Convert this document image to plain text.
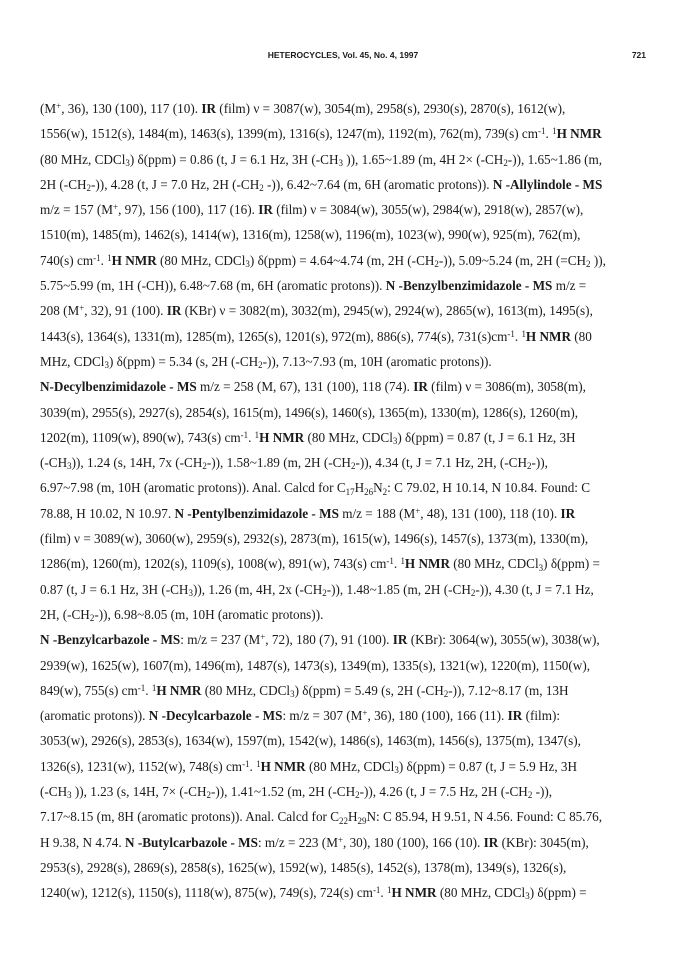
HETEROCYCLES, Vol. 45, No. 4, 1997	721
(M+, 36), 130 (100), 117 (10). IR (film) ν = 3087(w), 3054(m), 2958(s), 2930(s), 2870(s), 1612(w),
1556(w), 1512(s), 1484(m), 1463(s), 1399(m), 1316(s), 1247(m), 1192(m), 762(m), 739(s) $cm^{-1}$. $^1$H NMR
(80 MHz, CDCl$_3$) δ(ppm) = 0.86 (t, J = 6.1 Hz, 3H ($-CH_3$ )), 1.65~1.89 (m, 4H $2\times (-CH_2-)$), 1.65~1.86 (m,
2H $(-CH_2-)$), 4.28 (t, J = 7.0 Hz, 2H ($-CH_2$ -)), 6.42~7.64 (m, 6H (aromatic protons)). N -Allylindole - MS
m/z = 157 (M+, 97), 156 (100), 117 (16). IR (film) ν = 3084(w), 3055(w), 2984(w), 2918(w), 2857(w),
1510(m), 1485(m), 1462(s), 1414(w), 1316(m), 1258(w), 1196(m), 1023(w), 990(w), 925(m), 762(m),
740(s) $cm^{-1}$. $^1$H NMR (80 MHz, CDCl$_3$) δ(ppm) = 4.64~4.74 (m, 2H $(-CH_2-)$), 5.09~5.24 (m, 2H ($=CH_2$ )),
5.75~5.99 (m, 1H (-CH)), 6.48~7.68 (m, 6H (aromatic protons)). N -Benzylbenzimidazole - MS m/z =
208 (M+, 32), 91 (100). IR (KBr) ν = 3082(m), 3032(m), 2945(w), 2924(w), 2865(w), 1613(m), 1495(s),
1443(s), 1364(s), 1331(m), 1285(m), 1265(s), 1201(s), 972(m), 886(s), 774(s), $731(s)cm^{-1}$. $^1$H NMR (80
MHz, CDCl$_3$) δ(ppm) = 5.34 (s, 2H $(-CH_2-)$), 7.13~7.93 (m, 10H (aromatic protons)).
N-Decylbenzimidazole - MS m/z = 258 (M, 67), 131 (100), 118 (74). IR (film) ν = 3086(m), 3058(m),
3039(m), 2955(s), 2927(s), 2854(s), 1615(m), 1496(s), 1460(s), 1365(m), 1330(m), 1286(s), 1260(m),
1202(m), 1109(w), 890(w), 743(s) $cm^{-1}$. $^1$H NMR (80 MHz, CDCl$_3$) δ(ppm) = 0.87 (t, J = 6.1 Hz, 3H
$(-CH_3)$), 1.24 (s, 14H, 7x $(-CH_2-)$), 1.58~1.89 (m, 2H $(-CH_2-)$), 4.34 (t, J = 7.1 Hz, 2H, $(-CH_2-)$),
6.97~7.98 (m, 10H (aromatic protons)). Anal. Calcd for $C_{17}H_{26}N_2$: C 79.02, H 10.14, N 10.84. Found: C
78.88, H 10.02, N 10.97. N -Pentylbenzimidazole - MS m/z = 188 (M+, 48), 131 (100), 118 (10). IR
(film) ν = 3089(w), 3060(w), 2959(s), 2932(s), 2873(m), 1615(w), 1496(s), 1457(s), 1373(m), 1330(m),
1286(m), 1260(m), 1202(s), 1109(s), 1008(w), 891(w), 743(s) $cm^{-1}$. $^1$H NMR (80 MHz, CDCl$_3$) δ(ppm) =
0.87 (t, J = 6.1 Hz, 3H $(-CH_3)$), 1.26 (m, 4H, 2x $(-CH_2-)$), 1.48~1.85 (m, 2H $(-CH_2-)$), 4.30 (t, J = 7.1 Hz,
2H, $(-CH_2-)$), 6.98~8.05 (m, 10H (aromatic protons)).
N -Benzylcarbazole - MS: m/z = 237 (M+, 72), 180 (7), 91 (100). IR (KBr): 3064(w), 3055(w), 3038(w),
2939(w), 1625(w), 1607(m), 1496(m), 1487(s), 1473(s), 1349(m), 1335(s), 1321(w), 1220(m), 1150(w),
849(w), 755(s) $cm^{-1}$. $^1$H NMR (80 MHz, CDCl$_3$) δ(ppm) = 5.49 (s, 2H $(-CH_2-)$), 7.12~8.17 (m, 13H
(aromatic protons)). N -Decylcarbazole - MS: m/z = 307 (M+, 36), 180 (100), 166 (11). IR (film):
3053(w), 2926(s), 2853(s), 1634(w), 1597(m), 1542(w), 1486(s), 1463(m), 1456(s), 1375(m), 1347(s),
1326(s), 1231(w), 1152(w), 748(s) $cm^{-1}$. $^1$H NMR (80 MHz, CDCl$_3$) δ(ppm) = 0.87 (t, J = 5.9 Hz, 3H
($-CH_3$ )), 1.23 (s, 14H, $7\times (-CH_2-)$), 1.41~1.52 (m, 2H $(-CH_2-)$), 4.26 (t, J = 7.5 Hz, 2H ($-CH_2$ -)),
7.17~8.15 (m, 8H (aromatic protons)). Anal. Calcd for $C_{22}H_{29}N$: C 85.94, H 9.51, N 4.56. Found: C 85.76,
H 9.38, N 4.74. N -Butylcarbazole - MS: m/z = 223 (M+, 30), 180 (100), 166 (10). IR (KBr): 3045(m),
2953(s), 2928(s), 2869(s), 2858(s), 1625(w), 1592(w), 1485(s), 1452(s), 1378(m), 1349(s), 1326(s),
1240(w), 1212(s), 1150(s), 1118(w), 875(w), 749(s), 724(s) $cm^{-1}$. $^1$H NMR (80 MHz, CDCl$_3$) δ(ppm) =
